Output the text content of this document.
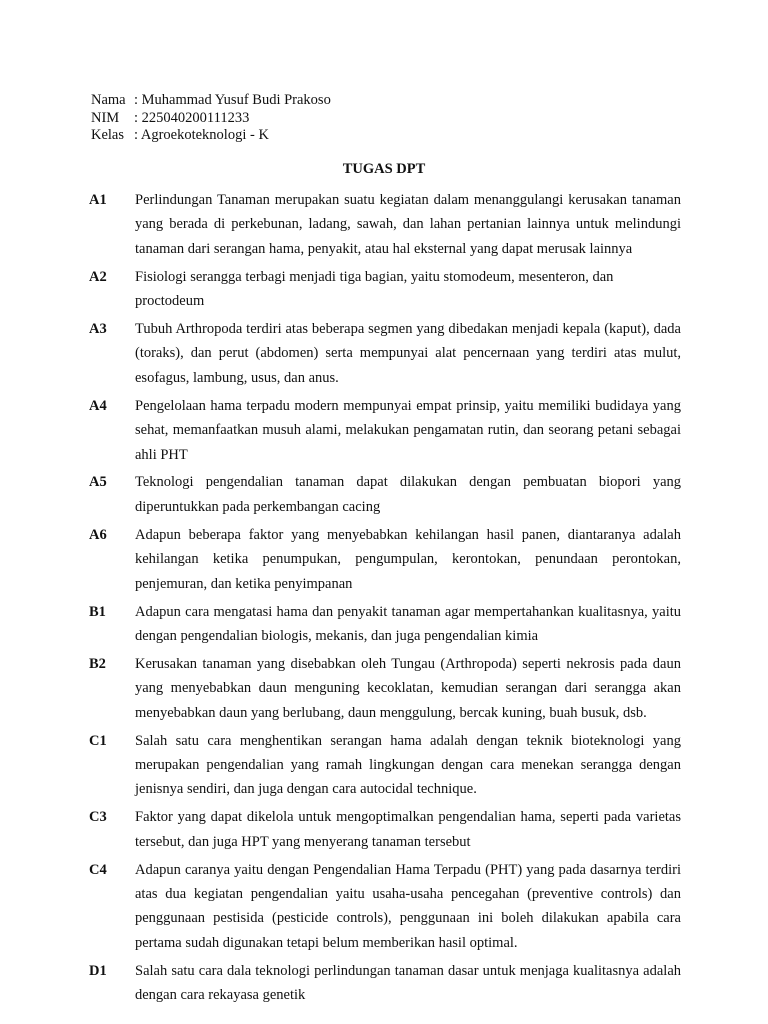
Nama : Muhammad Yusuf Budi Prakoso
NIM	: 225040200111233
Kelas : Agroekoteknologi - K
TUGAS DPT
A1	Perlindungan Tanaman merupakan suatu kegiatan dalam menanggulangi kerusakan tanaman yang berada di perkebunan, ladang, sawah, dan lahan pertanian lainnya untuk melindungi tanaman dari serangan hama, penyakit, atau hal eksternal yang dapat merusak lainnya
A2	Fisiologi serangga terbagi menjadi tiga bagian, yaitu stomodeum, mesenteron, dan proctodeum
A3	Tubuh Arthropoda terdiri atas beberapa segmen yang dibedakan menjadi kepala (kaput), dada (toraks), dan perut (abdomen) serta mempunyai alat pencernaan yang terdiri atas mulut, esofagus, lambung, usus, dan anus.
A4	Pengelolaan hama terpadu modern mempunyai empat prinsip, yaitu memiliki budidaya yang sehat, memanfaatkan musuh alami, melakukan pengamatan rutin, dan seorang petani sebagai ahli PHT
A5	Teknologi pengendalian tanaman dapat dilakukan dengan pembuatan biopori yang diperuntukkan pada perkembangan cacing
A6	Adapun beberapa faktor yang menyebabkan kehilangan hasil panen, diantaranya adalah kehilangan ketika penumpukan, pengumpulan, kerontokan, penundaan perontokan, penjemuran, dan ketika penyimpanan
B1	Adapun cara mengatasi hama dan penyakit tanaman agar mempertahankan kualitasnya, yaitu dengan pengendalian biologis, mekanis, dan juga pengendalian kimia
B2	Kerusakan tanaman yang disebabkan oleh Tungau (Arthropoda) seperti nekrosis pada daun yang menyebabkan daun menguning kecoklatan, kemudian serangan dari serangga akan menyebabkan daun yang berlubang, daun menggulung, bercak kuning, buah busuk, dsb.
C1	Salah satu cara menghentikan serangan hama adalah dengan teknik bioteknologi yang merupakan pengendalian yang ramah lingkungan dengan cara menekan serangga dengan jenisnya sendiri, dan juga dengan cara autocidal technique.
C3	Faktor yang dapat dikelola untuk mengoptimalkan pengendalian hama, seperti pada varietas tersebut, dan juga HPT yang menyerang tanaman tersebut
C4	Adapun caranya yaitu dengan Pengendalian Hama Terpadu (PHT) yang pada dasarnya terdiri atas dua kegiatan pengendalian yaitu usaha-usaha pencegahan (preventive controls) dan penggunaan pestisida (pesticide controls), penggunaan ini boleh dilakukan apabila cara pertama sudah digunakan tetapi belum memberikan hasil optimal.
D1	Salah satu cara dala teknologi perlindungan tanaman dasar untuk menjaga kualitasnya adalah dengan cara rekayasa genetik
